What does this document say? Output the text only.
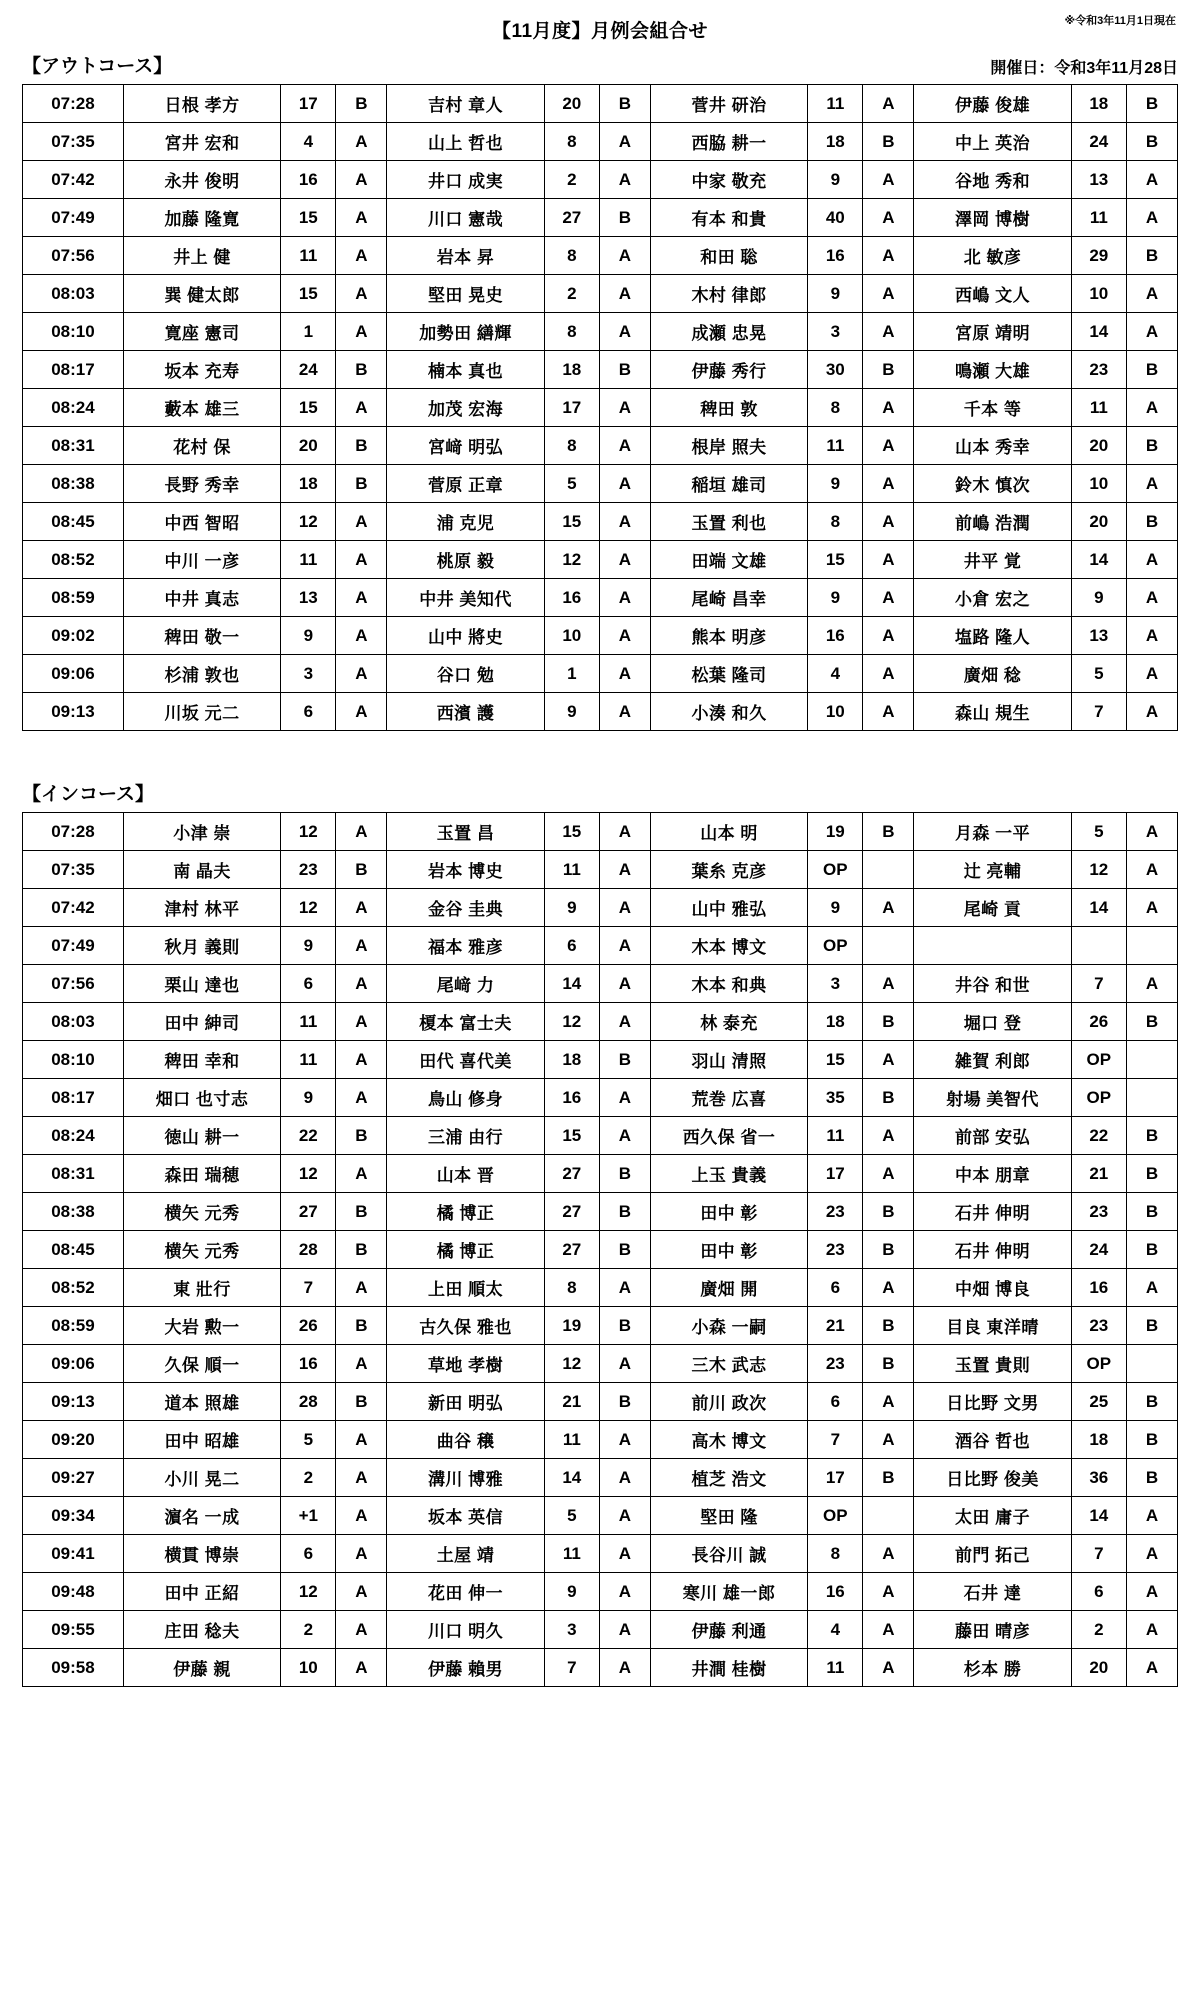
※令和3年11月1日現在
【11月度】月例会組合せ
【アウトコース】	開催日：令和3年11月28日
07:28	日根 孝方	17	B	吉村 章人	20	B	菅井 研治	11	A	伊藤 俊雄	18	B
07:35	宮井 宏和	4	A	山上 哲也	8	A	西脇 耕一	18	B	中上 英治	24	B
07:42	永井 俊明	16	A	井口 成実	2	A	中家 敬充	9	A	谷地 秀和	13	A
07:49	加藤 隆寛	15	A	川口 憲哉	27	B	有本 和貴	40	A	澤岡 博樹	11	A
07:56	井上 健	11	A	岩本 昇	8	A	和田 聡	16	A	北 敏彦	29	B
08:03	巽 健太郎	15	A	堅田 晃史	2	A	木村 律郎	9	A	西嶋 文人	10	A
08:10	寛座 憲司	1	A	加勢田 繕輝	8	A	成瀬 忠晃	3	A	宮原 靖明	14	A
08:17	坂本 充寿	24	B	楠本 真也	18	B	伊藤 秀行	30	B	鳴瀬 大雄	23	B
08:24	藪本 雄三	15	A	加茂 宏海	17	A	稗田 敦	8	A	千本 等	11	A
08:31	花村 保	20	B	宮﨑 明弘	8	A	根岸 照夫	11	A	山本 秀幸	20	B
08:38	長野 秀幸	18	B	菅原 正章	5	A	稲垣 雄司	9	A	鈴木 慎次	10	A
08:45	中西 智昭	12	A	浦 克児	15	A	玉置 利也	8	A	前嶋 浩潤	20	B
08:52	中川 一彦	11	A	桃原 毅	12	A	田端 文雄	15	A	井平 覚	14	A
08:59	中井 真志	13	A	中井 美知代	16	A	尾崎 昌幸	9	A	小倉 宏之	9	A
09:02	稗田 敬一	9	A	山中 將史	10	A	熊本 明彦	16	A	塩路 隆人	13	A
09:06	杉浦 敦也	3	A	谷口 勉	1	A	松葉 隆司	4	A	廣畑 稔	5	A
09:13	川坂 元二	6	A	西濱 護	9	A	小湊 和久	10	A	森山 規生	7	A
【インコース】
07:28	小津 崇	12	A	玉置 昌	15	A	山本 明	19	B	月森 一平	5	A
07:35	南 晶夫	23	B	岩本 博史	11	A	葉糸 克彦	OP		辻 亮輔	12	A
07:42	津村 林平	12	A	金谷 圭典	9	A	山中 雅弘	9	A	尾崎 貢	14	A
07:49	秋月 義則	9	A	福本 雅彦	6	A	木本 博文	OP				
07:56	栗山 達也	6	A	尾﨑 力	14	A	木本 和典	3	A	井谷 和世	7	A
08:03	田中 紳司	11	A	榎本 富士夫	12	A	林 泰充	18	B	堀口 登	26	B
08:10	稗田 幸和	11	A	田代 喜代美	18	B	羽山 清照	15	A	雑賀 利郎	OP	
08:17	畑口 也寸志	9	A	鳥山 修身	16	A	荒巻 広喜	35	B	射場 美智代	OP	
08:24	徳山 耕一	22	B	三浦 由行	15	A	西久保 省一	11	A	前部 安弘	22	B
08:31	森田 瑞穂	12	A	山本 晋	27	B	上玉 貴義	17	A	中本 朋章	21	B
08:38	横矢 元秀	27	B	橘 博正	27	B	田中 彰	23	B	石井 伸明	23	B
08:45	横矢 元秀	28	B	橘 博正	27	B	田中 彰	23	B	石井 伸明	24	B
08:52	東 壯行	7	A	上田 順太	8	A	廣畑 開	6	A	中畑 博良	16	A
08:59	大岩 勲一	26	B	古久保 雅也	19	B	小森 一嗣	21	B	目良 東洋晴	23	B
09:06	久保 順一	16	A	草地 孝樹	12	A	三木 武志	23	B	玉置 貴則	OP	
09:13	道本 照雄	28	B	新田 明弘	21	B	前川 政次	6	A	日比野 文男	25	B
09:20	田中 昭雄	5	A	曲谷 穣	11	A	高木 博文	7	A	酒谷 哲也	18	B
09:27	小川 晃二	2	A	溝川 博雅	14	A	植芝 浩文	17	B	日比野 俊美	36	B
09:34	濵名 一成	+1	A	坂本 英信	5	A	堅田 隆	OP		太田 庸子	14	A
09:41	横貫 博崇	6	A	土屋 靖	11	A	長谷川 誠	8	A	前門 拓己	7	A
09:48	田中 正紹	12	A	花田 伸一	9	A	寒川 雄一郎	16	A	石井 達	6	A
09:55	庄田 稔夫	2	A	川口 明久	3	A	伊藤 利通	4	A	藤田 晴彦	2	A
09:58	伊藤 親	10	A	伊藤 賴男	7	A	井澗 桂樹	11	A	杉本 勝	20	A
